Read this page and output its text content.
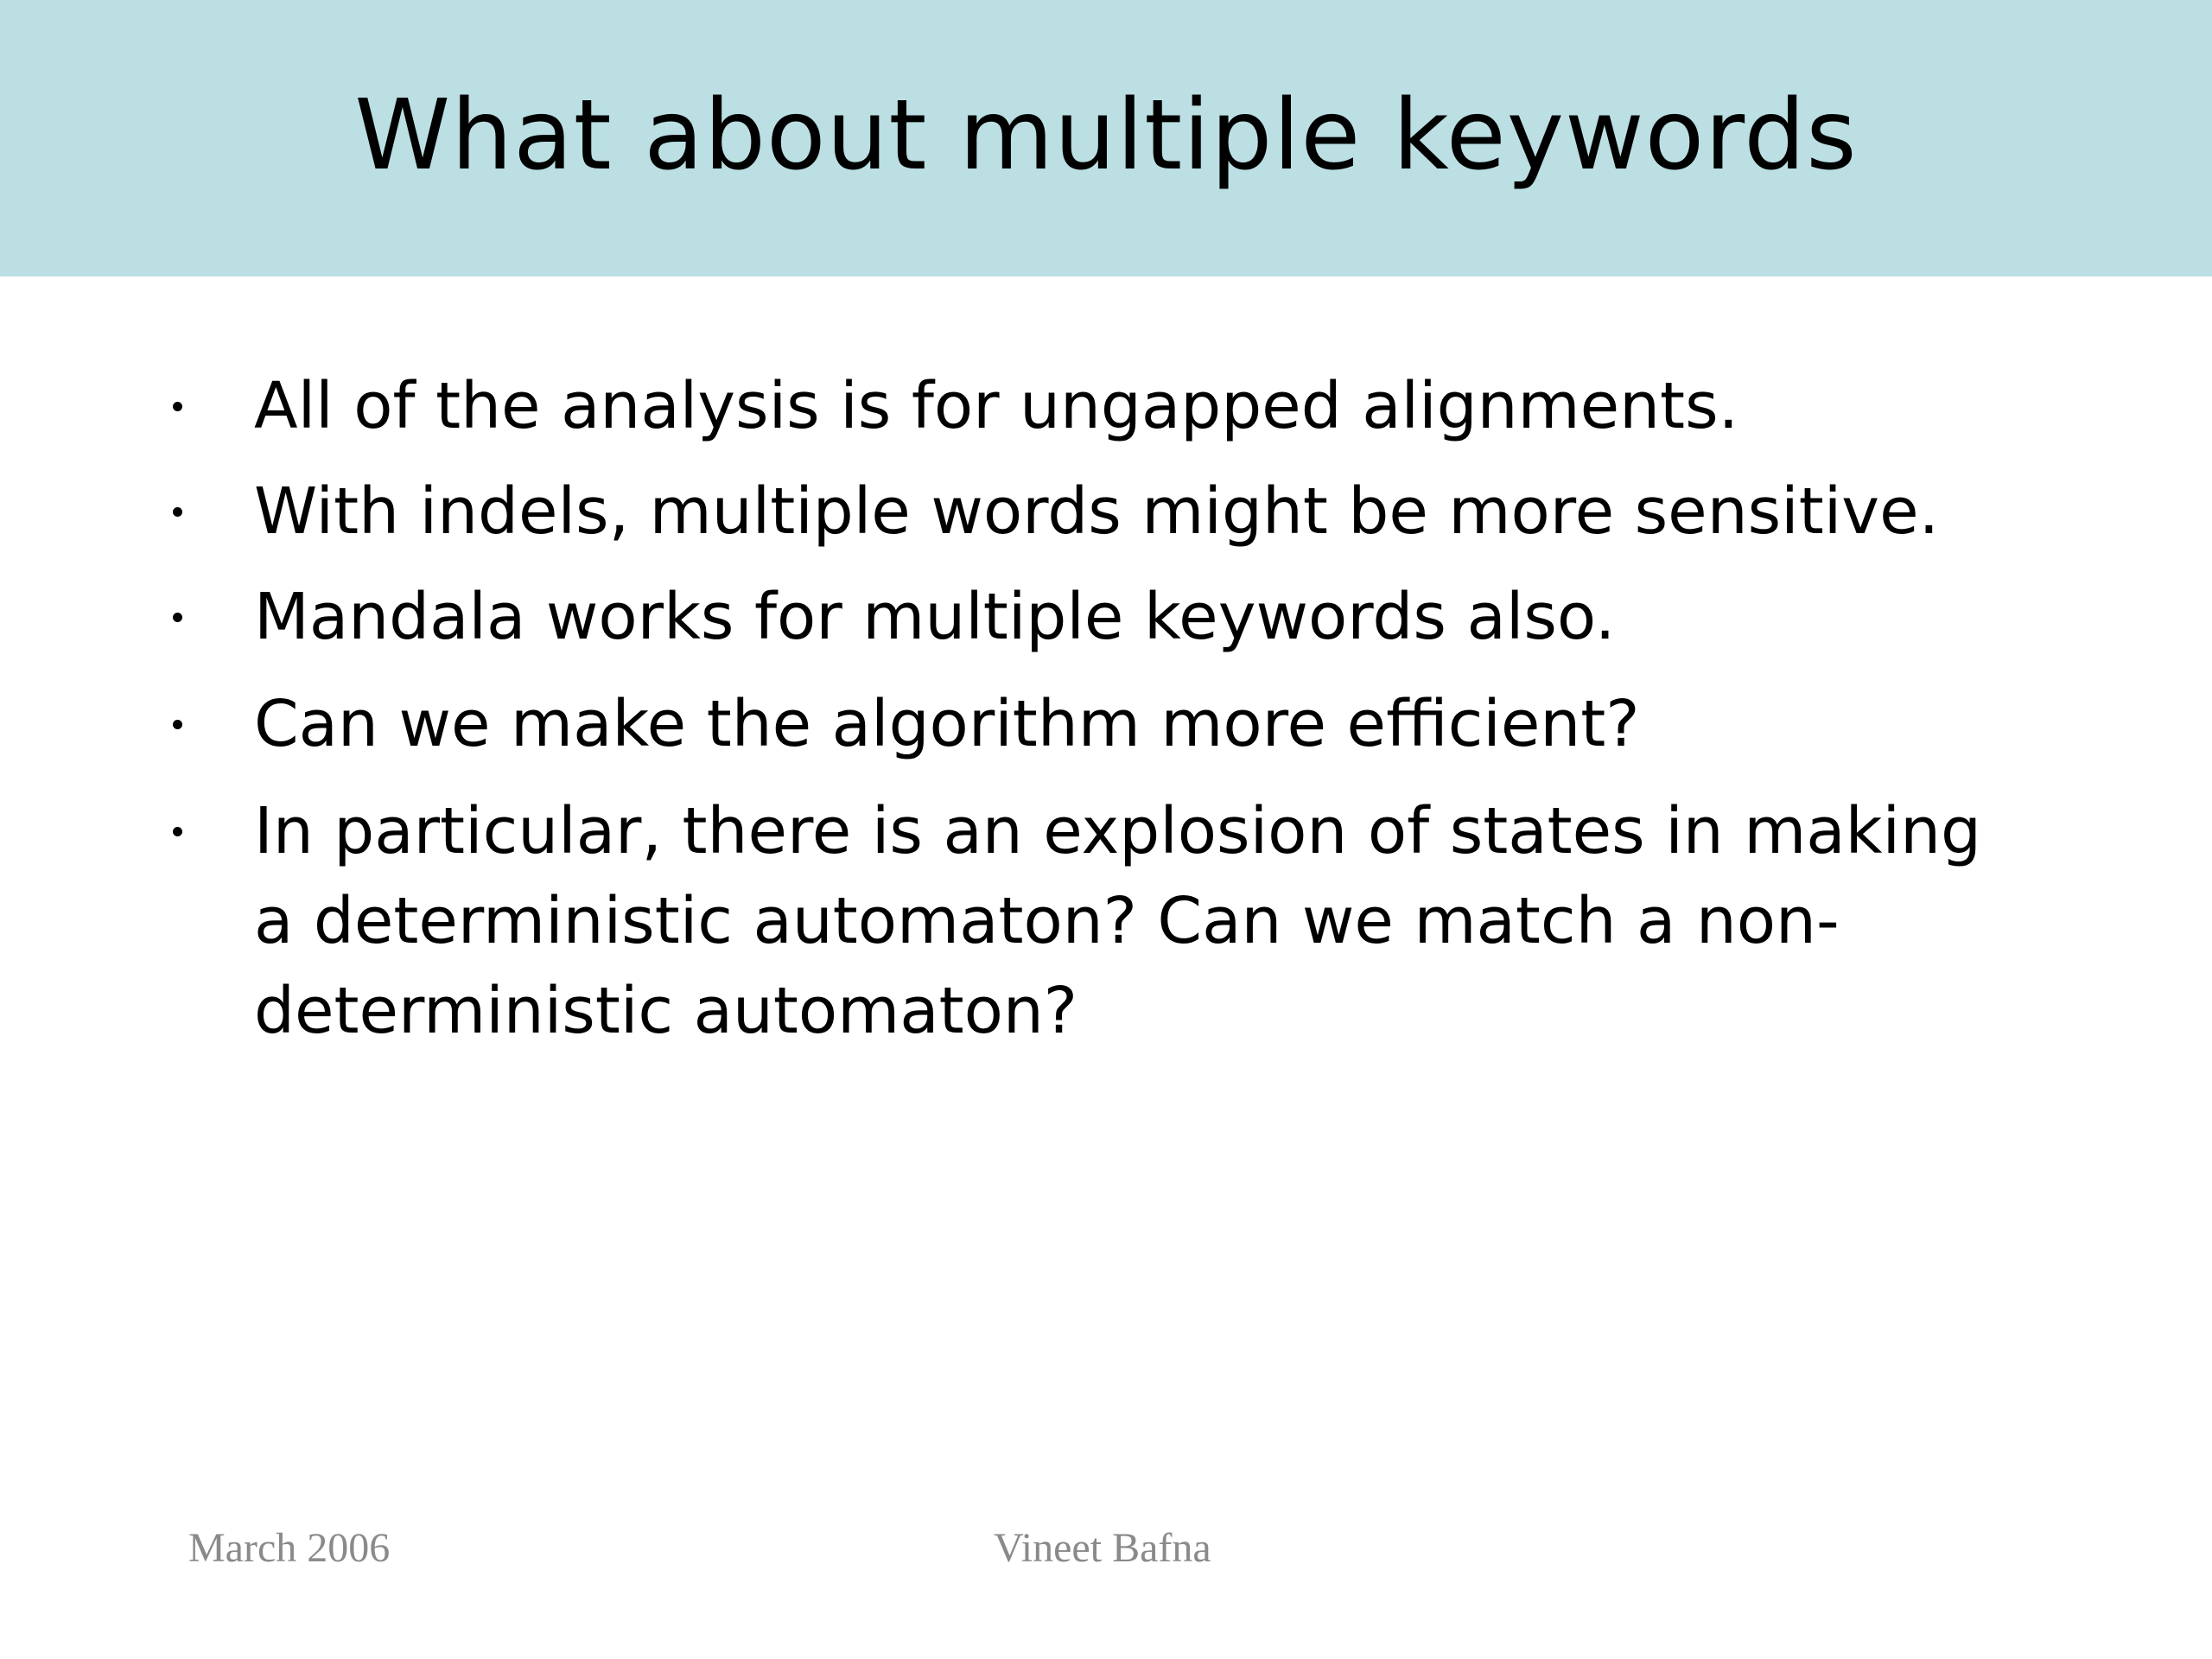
What about multiple keywords
All of the analysis is for ungapped alignments.
With indels, multiple words might be more sensitive.
Mandala works for multiple keywords also.
Can we make the algorithm more efficient?
In particular, there is an explosion of states in making a deterministic automaton? Can we match a non-deterministic automaton?
March 2006	Vineet Bafna
